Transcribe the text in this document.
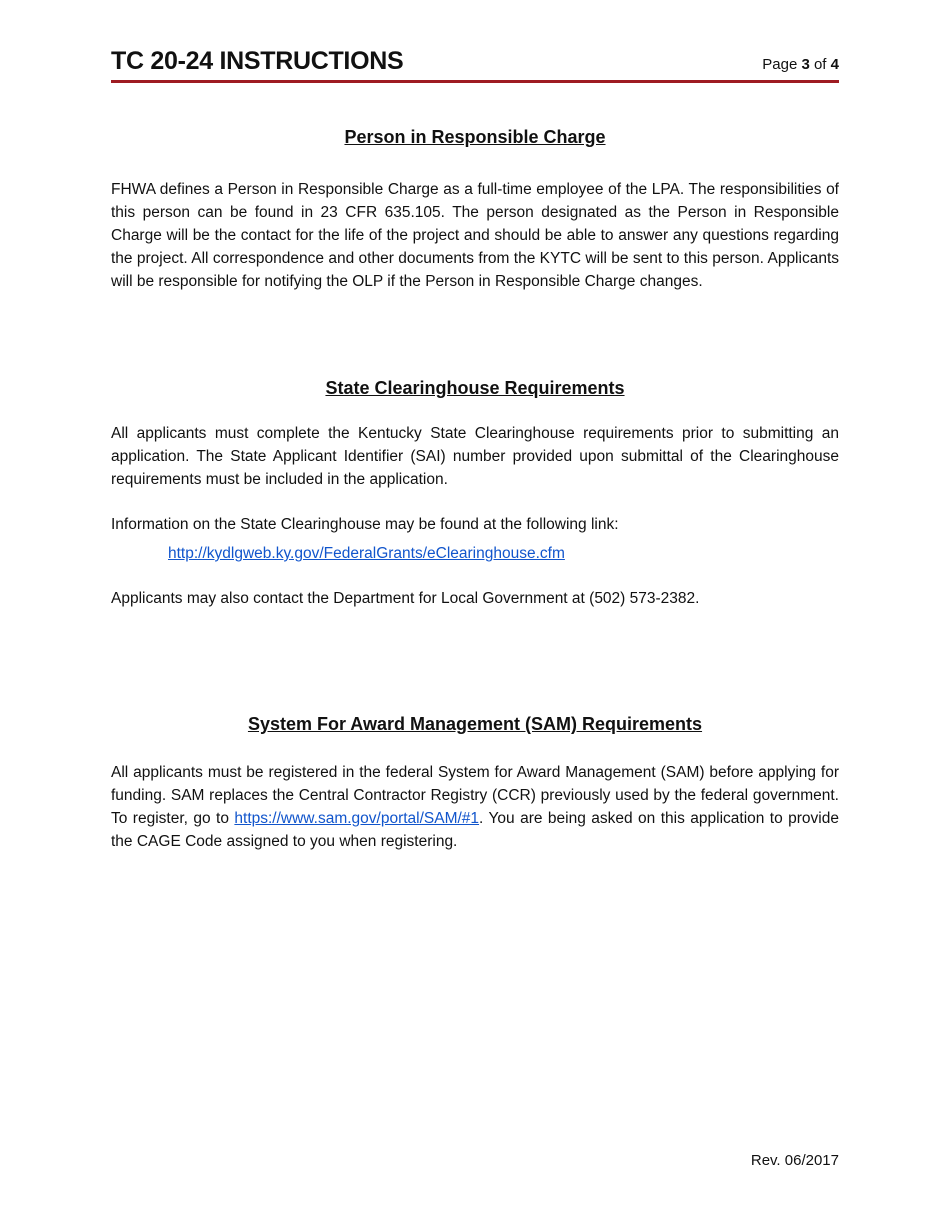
TC 20-24 INSTRUCTIONS	Page 3 of 4
Person in Responsible Charge

FHWA defines a Person in Responsible Charge as a full-time employee of the LPA. The responsibilities of this person can be found in 23 CFR 635.105. The person designated as the Person in Responsible Charge will be the contact for the life of the project and should be able to answer any questions regarding the project. All correspondence and other documents from the KYTC will be sent to this person. Applicants will be responsible for notifying the OLP if the Person in Responsible Charge changes.

State Clearinghouse Requirements

All applicants must complete the Kentucky State Clearinghouse requirements prior to submitting an application. The State Applicant Identifier (SAI) number provided upon submittal of the Clearinghouse requirements must be included in the application.

Information on the State Clearinghouse may be found at the following link:

http://kydlgweb.ky.gov/FederalGrants/eClearinghouse.cfm

Applicants may also contact the Department for Local Government at (502) 573-2382.

System For Award Management (SAM) Requirements

All applicants must be registered in the federal System for Award Management (SAM) before applying for funding. SAM replaces the Central Contractor Registry (CCR) previously used by the federal government. To register, go to https://www.sam.gov/portal/SAM/#1. You are being asked on this application to provide the CAGE Code assigned to you when registering.

Rev. 06/2017
